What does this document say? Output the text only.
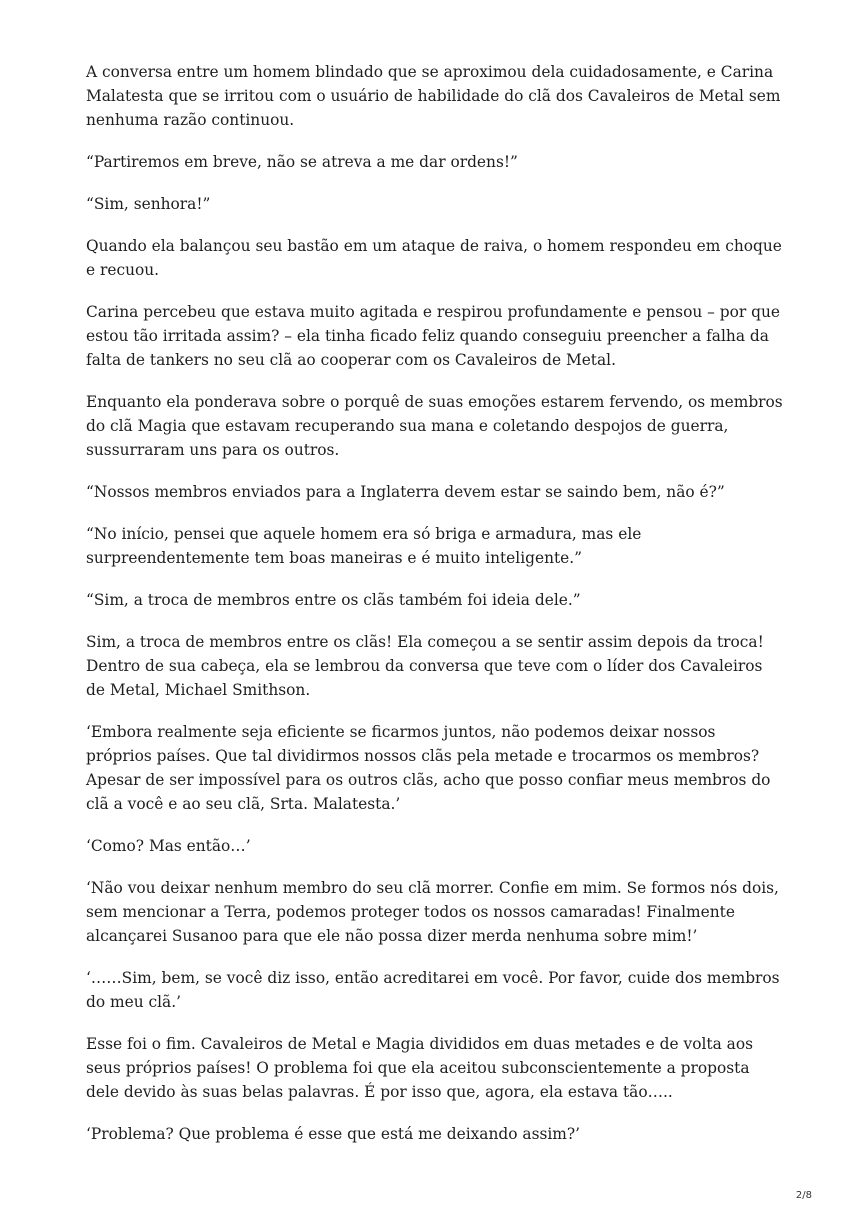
A conversa entre um homem blindado que se aproximou dela cuidadosamente, e Carina Malatesta que se irritou com o usuário de habilidade do clã dos Cavaleiros de Metal sem nenhuma razão continuou.

“Partiremos em breve, não se atreva a me dar ordens!”

“Sim, senhora!”

Quando ela balançou seu bastão em um ataque de raiva, o homem respondeu em choque e recuou.

Carina percebeu que estava muito agitada e respirou profundamente e pensou – por que estou tão irritada assim? – ela tinha ficado feliz quando conseguiu preencher a falha da falta de tankers no seu clã ao cooperar com os Cavaleiros de Metal.

Enquanto ela ponderava sobre o porquê de suas emoções estarem fervendo, os membros do clã Magia que estavam recuperando sua mana e coletando despojos de guerra, sussurraram uns para os outros.

“Nossos membros enviados para a Inglaterra devem estar se saindo bem, não é?”

“No início, pensei que aquele homem era só briga e armadura, mas ele surpreendentemente tem boas maneiras e é muito inteligente.”

“Sim, a troca de membros entre os clãs também foi ideia dele.”

Sim, a troca de membros entre os clãs! Ela começou a se sentir assim depois da troca! Dentro de sua cabeça, ela se lembrou da conversa que teve com o líder dos Cavaleiros de Metal, Michael Smithson.

‘Embora realmente seja eficiente se ficarmos juntos, não podemos deixar nossos próprios países. Que tal dividirmos nossos clãs pela metade e trocarmos os membros? Apesar de ser impossível para os outros clãs, acho que posso confiar meus membros do clã a você e ao seu clã, Srta. Malatesta.’

‘Como? Mas então…’

‘Não vou deixar nenhum membro do seu clã morrer. Confie em mim. Se formos nós dois, sem mencionar a Terra, podemos proteger todos os nossos camaradas! Finalmente alcançarei Susanoo para que ele não possa dizer merda nenhuma sobre mim!’

‘……Sim, bem, se você diz isso, então acreditarei em você. Por favor, cuide dos membros do meu clã.’

Esse foi o fim. Cavaleiros de Metal e Magia divididos em duas metades e de volta aos seus próprios países! O problema foi que ela aceitou subconscientemente a proposta dele devido às suas belas palavras. É por isso que, agora, ela estava tão…..

‘Problema? Que problema é esse que está me deixando assim?’

2/8
